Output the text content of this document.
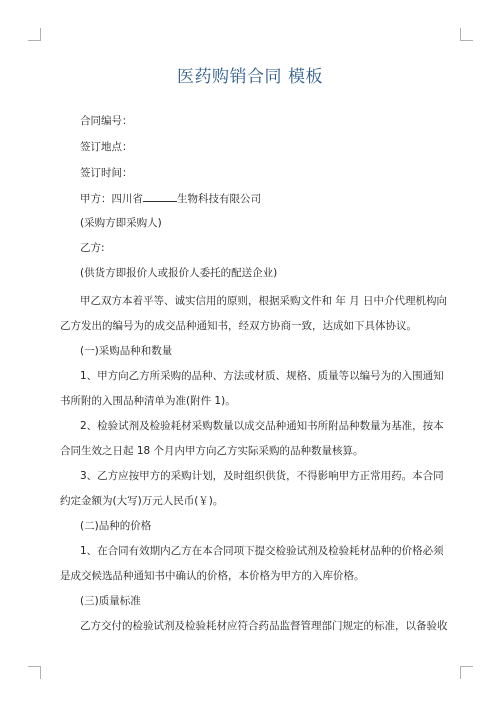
医药购销合同 模板
合同编号：
签订地点：
签订时间：
甲方：四川省	生物科技有限公司
(采购方即采购人)
乙方:
(供货方即报价人或报价人委托的配送企业)
甲乙双方本着平等、诚实信用的原则，根据采购文件和 年 月 日中介代理机构向
乙方发出的编号为的成交品种通知书，经双方协商一致，达成如下具体协议。
(一)采购品种和数量
1、甲方向乙方所采购的品种、方法或材质、规格、质量等以编号为的入围通知
书所附的入围品种清单为准(附件 1)。
2、检验试剂及检验耗材采购数量以成交品种通知书所附品种数量为基准，按本
合同生效之日起 18 个月内甲方向乙方实际采购的品种数量核算。
3、乙方应按甲方的采购计划，及时组织供货，不得影响甲方正常用药。本合同
约定金额为(大写)万元人民币(￥)。
(二)品种的价格
1、在合同有效期内乙方在本合同项下提交检验试剂及检验耗材品种的价格必须
是成交候选品种通知书中确认的价格，本价格为甲方的入库价格。
(三)质量标准
乙方交付的检验试剂及检验耗材应符合药品监督管理部门规定的标准，以备验收
